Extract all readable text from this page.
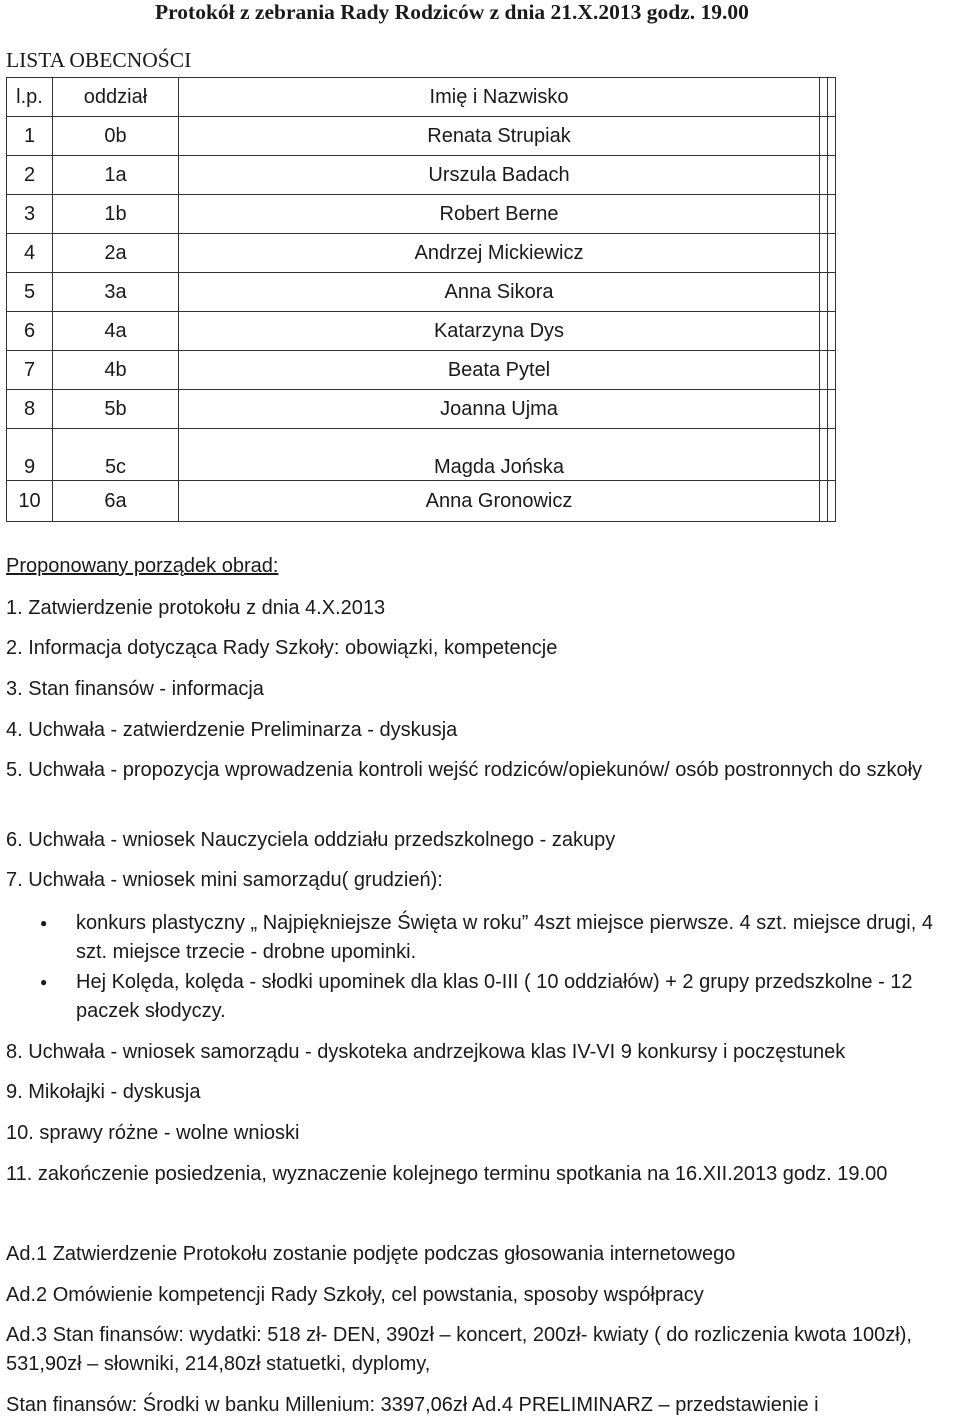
Protokół z zebrania Rady Rodziców z dnia 21.X.2013 godz. 19.00
LISTA OBECNOŚCI
l.p.	oddział	Imię i Nazwisko		
1	0b	Renata Strupiak		
2	1a	Urszula Badach		
3	1b	Robert Berne		
4	2a	Andrzej Mickiewicz		
5	3a	Anna Sikora		
6	4a	Katarzyna Dys		
7	4b	Beata Pytel		
8	5b	Joanna Ujma		
9	5c	Magda Jońska		
10	6a	Anna Gronowicz		
Proponowany porządek obrad:
1. Zatwierdzenie protokołu z dnia 4.X.2013
2. Informacja dotycząca Rady Szkoły: obowiązki, kompetencje
3. Stan finansów - informacja
4. Uchwała - zatwierdzenie Preliminarza - dyskusja
5. Uchwała - propozycja wprowadzenia kontroli wejść rodziców/opiekunów/ osób postronnych do szkoły
6. Uchwała - wniosek Nauczyciela oddziału przedszkolnego - zakupy
7. Uchwała - wniosek mini samorządu( grudzień):
● konkurs plastyczny „ Najpiękniejsze Święta w roku” 4szt miejsce pierwsze. 4 szt. miejsce drugi, 4 szt. miejsce trzecie - drobne upominki.
● Hej Kolęda, kolęda - słodki upominek dla klas 0-III ( 10 oddziałów) + 2 grupy przedszkolne - 12 paczek słodyczy.
8. Uchwała - wniosek samorządu - dyskoteka andrzejkowa klas IV-VI 9 konkursy i poczęstunek
9. Mikołajki - dyskusja
10. sprawy różne - wolne wnioski
11. zakończenie posiedzenia, wyznaczenie kolejnego terminu spotkania na 16.XII.2013 godz. 19.00
Ad.1 Zatwierdzenie Protokołu zostanie podjęte podczas głosowania internetowego
Ad.2 Omówienie kompetencji Rady Szkoły, cel powstania, sposoby współpracy
Ad.3 Stan finansów: wydatki: 518 zł- DEN, 390zł – koncert, 200zł- kwiaty ( do rozliczenia kwota 100zł), 531,90zł – słowniki, 214,80zł statuetki, dyplomy,
Stan finansów: Środki w banku Millenium: 3397,06zł Ad.4 PRELIMINARZ – przedstawienie i
